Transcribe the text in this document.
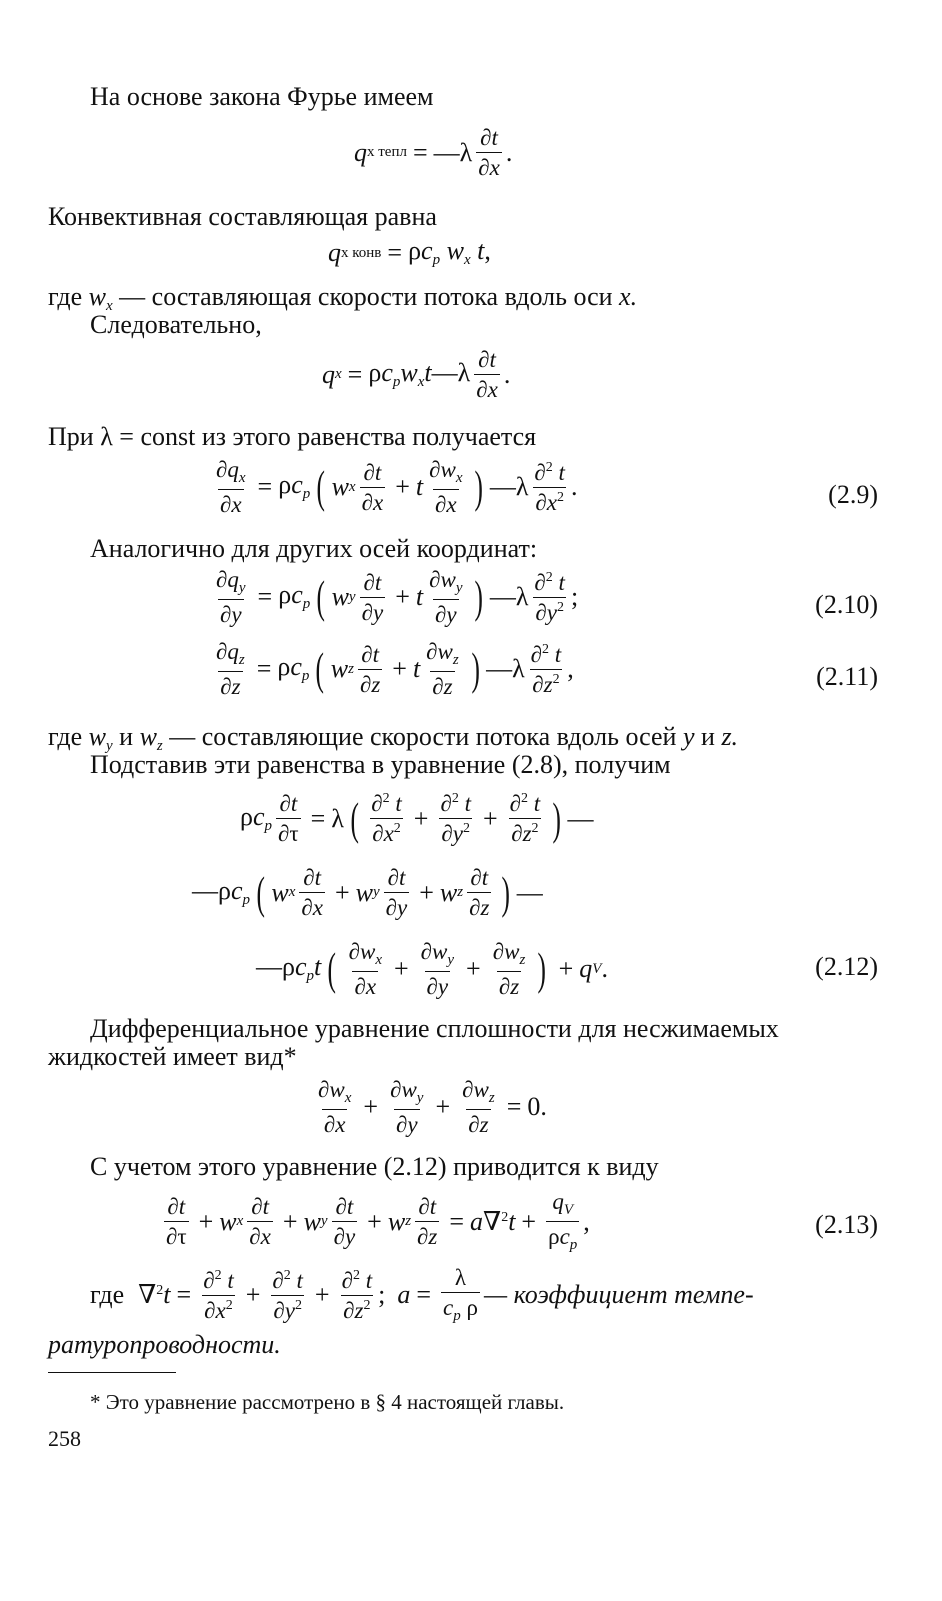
На основе закона Фурье имеем
q x тепл = —λ $\frac{\partial t}{\partial x}$ .
Конвективная составляющая равна
q x конв = $\rho c_p$ $w_x$ t,
где $w_x$ — составляющая скорости потока вдоль оси x.
Следовательно,
q $x = \rho c_pw_xt—\lambda \frac{\partial t}{\partial x}$ .
При λ = const из этого равенства получается
$\frac{\partial q_x}{\partial x} = \rho c_p$ ( w x $\frac{\partial t}{\partial x} + t \frac{\partial w_x}{\partial x}$ ) —λ $\frac{\partial^2 t}{\partial x^2}$ .	(2.9)
Аналогично для других осей координат:
$\frac{\partial q_y}{\partial y} = \rho c_p$ ( w y $\frac{\partial t}{\partial y} + t \frac{\partial w_y}{\partial y}$ ) —λ $\frac{\partial^2 t}{\partial y^2}$ ;	(2.10)
$\frac{\partial q_z}{\partial z} = \rho c_p$ ( w z $\frac{\partial t}{\partial z} + t \frac{\partial w_z}{\partial z}$ ) —λ $\frac{\partial^2 t}{\partial z^2}$ ,	(2.11)
где $w_y$ и $w_z$ — составляющие скорости потока вдоль осей y и z.
Подставив эти равенства в уравнение (2.8), получим
$\rho c_p \frac{\partial t}{\partial\tau} = \lambda$ ( $\frac{\partial^2 t}{\partial x^2} + \frac{\partial^2 t}{\partial y^2} + \frac{\partial^2 t}{\partial z^2}$ ) —
$—\rho c_p$ ( w x $\frac{\partial t}{\partial x} + w$ y $\frac{\partial t}{\partial y} + w$ z $\frac{\partial t}{\partial z}$ ) —
$—\rho c_pt$ ( $\frac{\partial w_x}{\partial x} + \frac{\partial w_y}{\partial y} + \frac{\partial w_z}{\partial z}$ ) + q V .	(2.12)
Дифференциальное уравнение сплошности для несжимаемых
жидкостей имеет вид*
$\frac{\partial w_x}{\partial x} + \frac{\partial w_y}{\partial y} + \frac{\partial w_z}{\partial z} = 0$.
С учетом этого уравнение (2.12) приводится к виду
$\frac{\partial t}{\partial\tau} + w$ x $\frac{\partial t}{\partial x} + w$ y $\frac{\partial t}{\partial y} + w$ z $\frac{\partial t}{\partial z} = a\nabla^2t + \frac{q_V}{\rho c_p}$ ,	(2.13)
где $\nabla^2t = \frac{\partial^2 t}{\partial x^2} + \frac{\partial^2 t}{\partial y^2} + \frac{\partial^2 t}{\partial z^2}$ ; $a = \frac{\lambda}{c_p \rho}$ — коэффициент темпе-
ратуропроводности.
* Это уравнение рассмотрено в § 4 настоящей главы.
258
